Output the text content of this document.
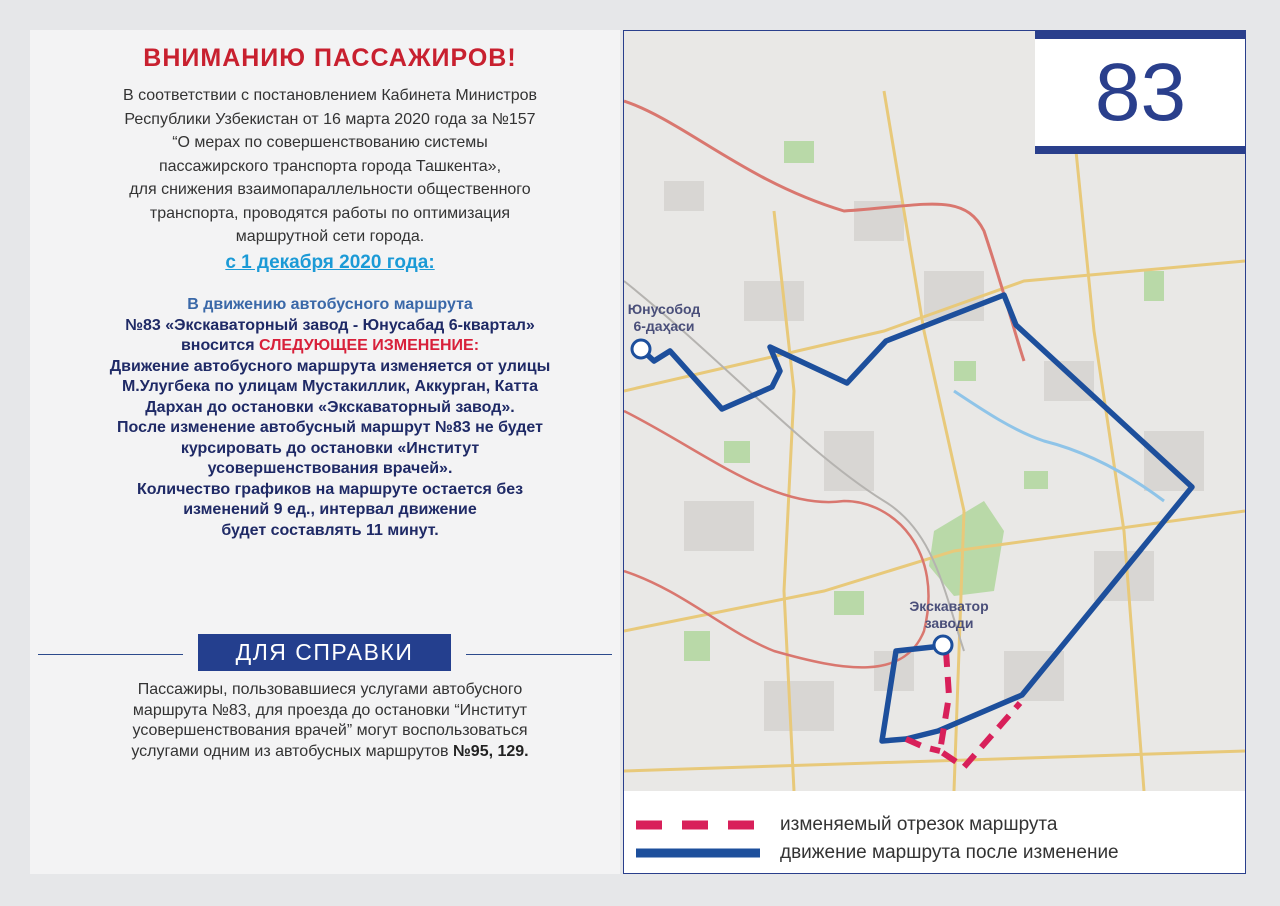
ВНИМАНИЮ ПАССАЖИРОВ!
В соответствии с постановлением Кабинета Министров
Республики Узбекистан от 16 марта 2020 года за №157
“О мерах по совершенствованию системы
пассажирского транспорта города Ташкента»,
для снижения взаимопараллельности общественного
транспорта, проводятся работы по оптимизация
маршрутной сети города.
с 1 декабря 2020 года:
В движению автобусного маршрута
№83 «Экскаваторный завод - Юнусабад 6-квартал»
вносится СЛЕДУЮЩЕЕ ИЗМЕНЕНИЕ:
Движение автобусного маршрута изменяется от улицы
М.Улугбека по улицам Мустакиллик, Аккурган, Катта
Дархан до остановки «Экскаваторный завод».
После изменение автобусный маршрут №83 не будет
курсировать до остановки «Институт
усовершенствования врачей».
Количество графиков на маршруте остается без
изменений 9 ед., интервал движение
будет составлять 11 минут.
ДЛЯ СПРАВКИ
Пассажиры, пользовавшиеся услугами автобусного
маршрута №83, для проезда до остановки “Институт
усовершенствования врачей” могут воспользоваться
услугами одним из автобусных маршрутов №95, 129.
Юнусобод
6-даҳаси
Экскаватор
заводи
83
изменяемый отрезок маршрута
движение маршрута после изменение
